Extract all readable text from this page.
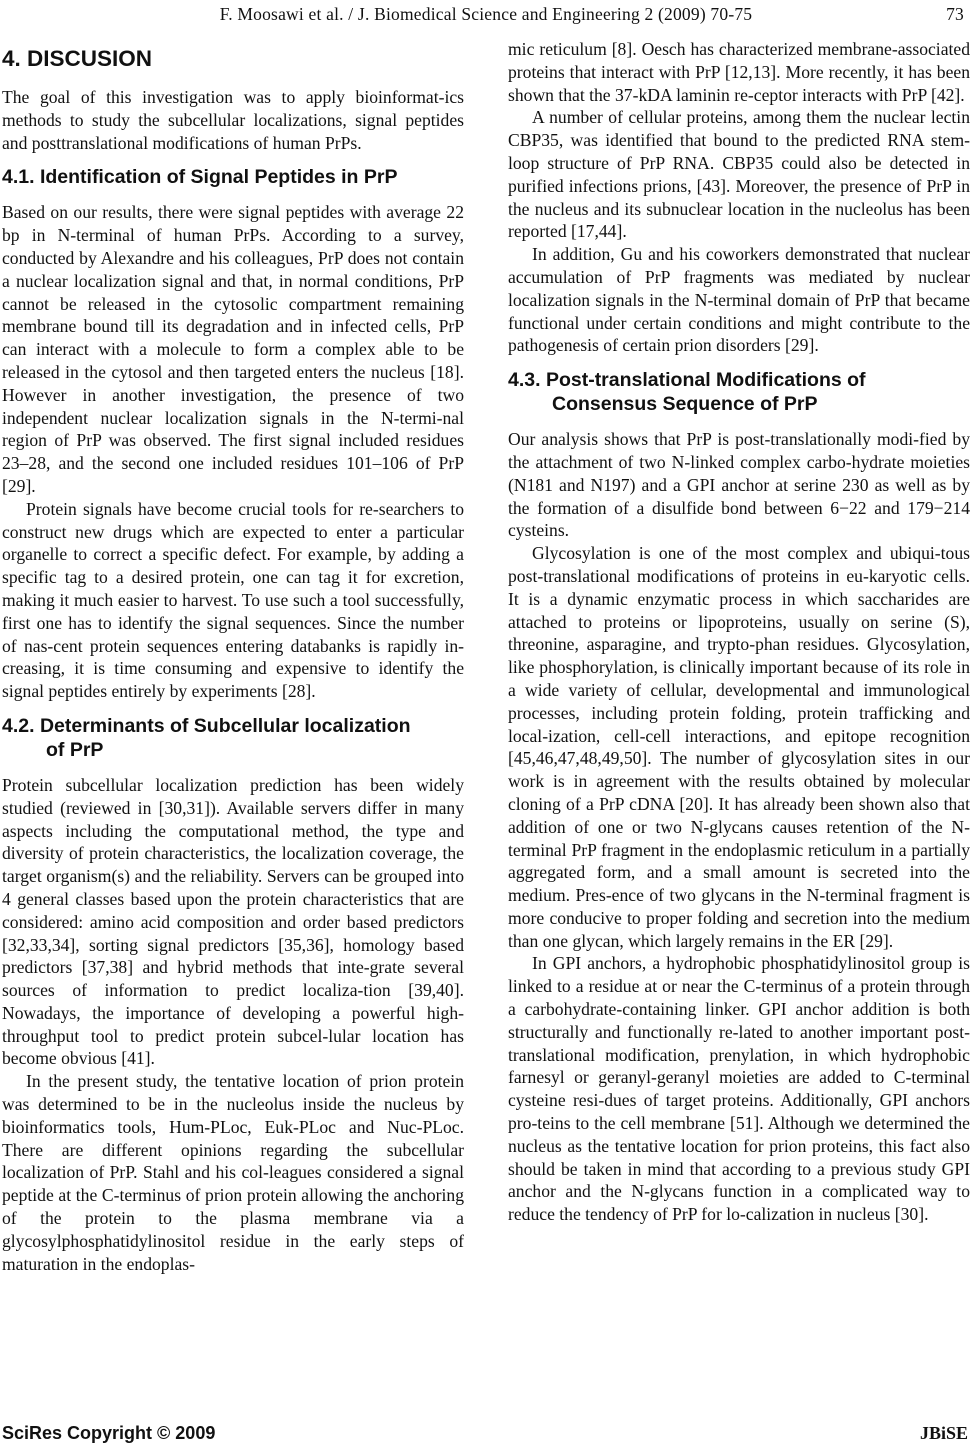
F. Moosawi et al. / J. Biomedical Science and Engineering 2 (2009) 70-75	73
4. DISCUSION

The goal of this investigation was to apply bioinformat-ics methods to study the subcellular localizations, signal peptides and posttranslational modifications of human PrPs.

4.1. Identification of Signal Peptides in PrP

Based on our results, there were signal peptides with average 22 bp in N-terminal of human PrPs. According to a survey, conducted by Alexandre and his colleagues, PrP does not contain a nuclear localization signal and that, in normal conditions, PrP cannot be released in the cytosolic compartment remaining membrane bound till its degradation and in infected cells, PrP can interact with a molecule to form a complex able to be released in the cytosol and then targeted enters the nucleus [18]. However in another investigation, the presence of two independent nuclear localization signals in the N-termi-nal region of PrP was observed. The first signal included residues 23–28, and the second one included residues 101–106 of PrP [29].

Protein signals have become crucial tools for re-searchers to construct new drugs which are expected to enter a particular organelle to correct a specific defect. For example, by adding a specific tag to a desired protein, one can tag it for excretion, making it much easier to harvest. To use such a tool successfully, first one has to identify the signal sequences. Since the number of nas-cent protein sequences entering databanks is rapidly in-creasing, it is time consuming and expensive to identify the signal peptides entirely by experiments [28].

4.2. Determinants of Subcellular localization
of PrP

Protein subcellular localization prediction has been widely studied (reviewed in [30,31]). Available servers differ in many aspects including the computational method, the type and diversity of protein characteristics, the localization coverage, the target organism(s) and the reliability. Servers can be grouped into 4 general classes based upon the protein characteristics that are considered: amino acid composition and order based predictors [32,33,34], sorting signal predictors [35,36], homology based predictors [37,38] and hybrid methods that inte-grate several sources of information to predict localiza-tion [39,40]. Nowadays, the importance of developing a powerful high-throughput tool to predict protein subcel-lular location has become obvious [41].

In the present study, the tentative location of prion protein was determined to be in the nucleolus inside the nucleus by bioinformatics tools, Hum-PLoc, Euk-PLoc and Nuc-PLoc. There are different opinions regarding the subcellular localization of PrP. Stahl and his col-leagues considered a signal peptide at the C-terminus of prion protein allowing the anchoring of the protein to the plasma membrane via a glycosylphosphatidylinositol residue in the early steps of maturation in the endoplas-

mic reticulum [8]. Oesch has characterized membrane-associated proteins that interact with PrP [12,13]. More recently, it has been shown that the 37-kDA laminin re-ceptor interacts with PrP [42].

A number of cellular proteins, among them the nuclear lectin CBP35, was identified that bound to the predicted RNA stem-loop structure of PrP RNA. CBP35 could also be detected in purified infections prions, [43]. Moreover, the presence of PrP in the nucleus and its subnuclear location in the nucleolus has been reported [17,44].

In addition, Gu and his coworkers demonstrated that nuclear accumulation of PrP fragments was mediated by nuclear localization signals in the N-terminal domain of PrP that became functional under certain conditions and might contribute to the pathogenesis of certain prion disorders [29].

4.3. Post-translational Modifications of
Consensus Sequence of PrP

Our analysis shows that PrP is post-translationally modi-fied by the attachment of two N-linked complex carbo-hydrate moieties (N181 and N197) and a GPI anchor at serine 230 as well as by the formation of a disulfide bond between 6−22 and 179−214 cysteins.

Glycosylation is one of the most complex and ubiqui-tous post-translational modifications of proteins in eu-karyotic cells. It is a dynamic enzymatic process in which saccharides are attached to proteins or lipoproteins, usually on serine (S), threonine, asparagine, and trypto-phan residues. Glycosylation, like phosphorylation, is clinically important because of its role in a wide variety of cellular, developmental and immunological processes, including protein folding, protein trafficking and local-ization, cell-cell interactions, and epitope recognition [45,46,47,48,49,50]. The number of glycosylation sites in our work is in agreement with the results obtained by molecular cloning of a PrP cDNA [20]. It has already been shown also that addition of one or two N-glycans causes retention of the N-terminal PrP fragment in the endoplasmic reticulum in a partially aggregated form, and a small amount is secreted into the medium. Pres-ence of two glycans in the N-terminal fragment is more conducive to proper folding and secretion into the medium than one glycan, which largely remains in the ER [29].

In GPI anchors, a hydrophobic phosphatidylinositol group is linked to a residue at or near the C-terminus of a protein through a carbohydrate-containing linker. GPI anchor addition is both structurally and functionally re-lated to another important post-translational modification, prenylation, in which hydrophobic farnesyl or geranyl-geranyl moieties are added to C-terminal cysteine resi-dues of target proteins. Additionally, GPI anchors pro-teins to the cell membrane [51]. Although we determined the nucleus as the tentative location for prion proteins, this fact also should be taken in mind that according to a previous study GPI anchor and the N-glycans function in a complicated way to reduce the tendency of PrP for lo-calization in nucleus [30].

SciRes Copyright © 2009	JBiSE
